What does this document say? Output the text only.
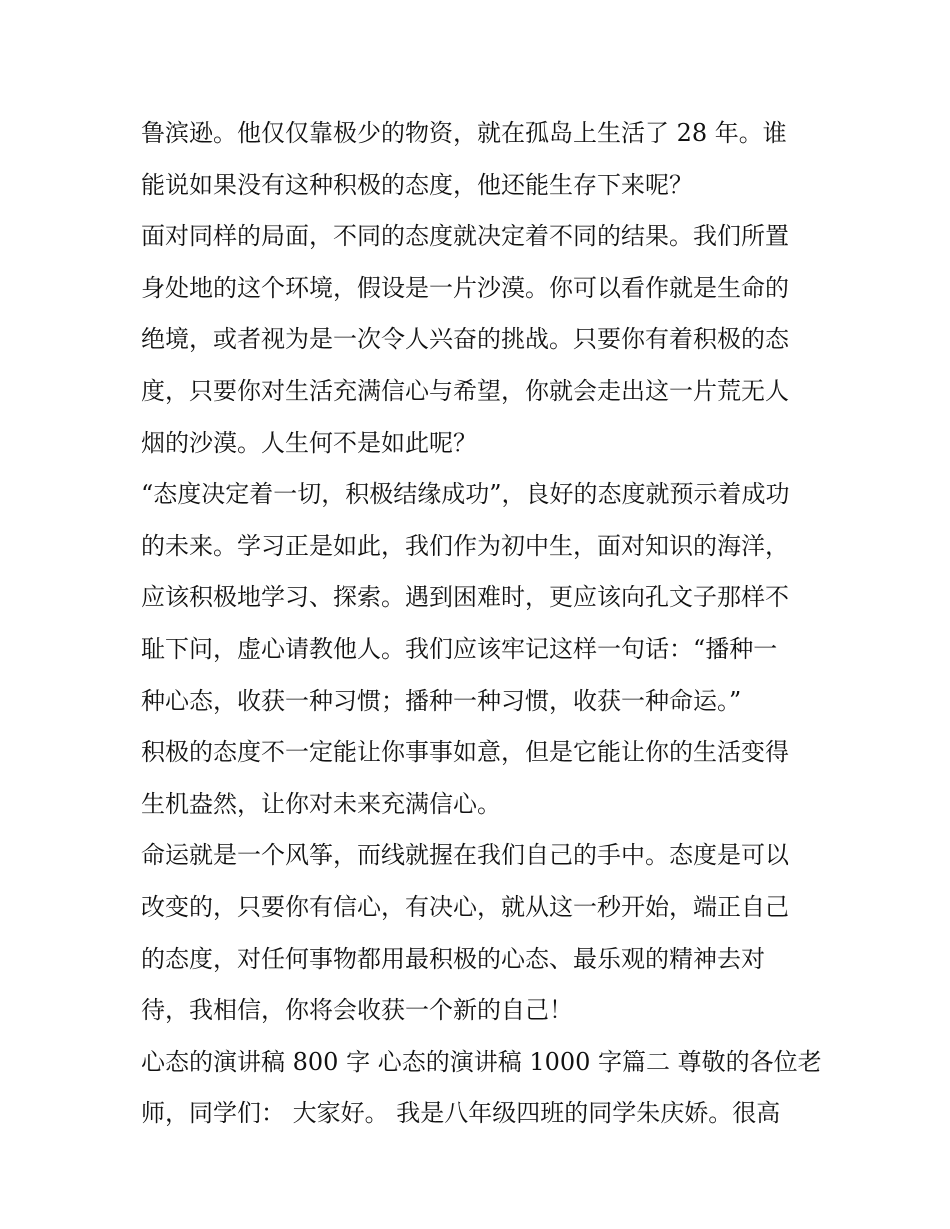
鲁滨逊。他仅仅靠极少的物资，就在孤岛上生活了 28 年。谁
能说如果没有这种积极的态度，他还能生存下来呢？
面对同样的局面，不同的态度就决定着不同的结果。我们所置
身处地的这个环境，假设是一片沙漠。你可以看作就是生命的
绝境，或者视为是一次令人兴奋的挑战。只要你有着积极的态
度，只要你对生活充满信心与希望，你就会走出这一片荒无人
烟的沙漠。人生何不是如此呢？
“态度决定着一切，积极结缘成功”，良好的态度就预示着成功
的未来。学习正是如此，我们作为初中生，面对知识的海洋，
应该积极地学习、探索。遇到困难时，更应该向孔文子那样不
耻下问，虚心请教他人。我们应该牢记这样一句话：“播种一
种心态，收获一种习惯；播种一种习惯，收获一种命运。”
积极的态度不一定能让你事事如意，但是它能让你的生活变得
生机盎然，让你对未来充满信心。
命运就是一个风筝，而线就握在我们自己的手中。态度是可以
改变的，只要你有信心，有决心，就从这一秒开始，端正自己
的态度，对任何事物都用最积极的心态、最乐观的精神去对
待，我相信，你将会收获一个新的自己！
心态的演讲稿 800 字 心态的演讲稿 1000 字篇二 尊敬的各位老
师，同学们： 大家好。 我是八年级四班的同学朱庆娇。很高
